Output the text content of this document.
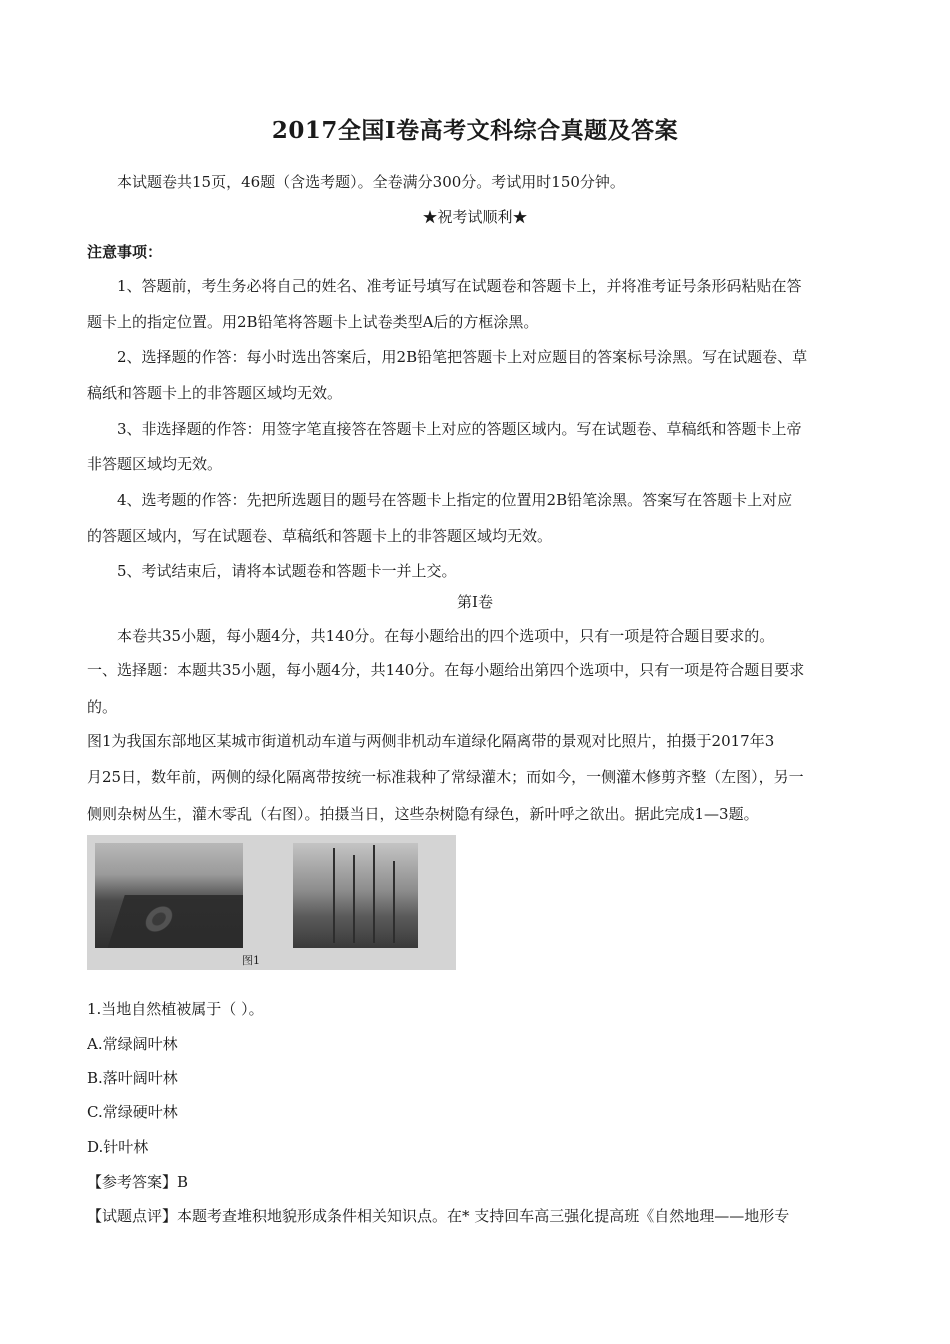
2017全国Ⅰ卷高考文科综合真题及答案
本试题卷共15页，46题（含选考题）。全卷满分300分。考试用时150分钟。
★祝考试顺利★
注意事项：
1、答题前，考生务必将自己的姓名、准考证号填写在试题卷和答题卡上，并将准考证号条形码粘贴在答
题卡上的指定位置。用2B铅笔将答题卡上试卷类型A后的方框涂黑。
2、选择题的作答：每小时选出答案后，用2B铅笔把答题卡上对应题目的答案标号涂黑。写在试题卷、草
稿纸和答题卡上的非答题区域均无效。
3、非选择题的作答：用签字笔直接答在答题卡上对应的答题区域内。写在试题卷、草稿纸和答题卡上帝
非答题区域均无效。
4、选考题的作答：先把所选题目的题号在答题卡上指定的位置用2B铅笔涂黑。答案写在答题卡上对应
的答题区域内，写在试题卷、草稿纸和答题卡上的非答题区域均无效。
5、考试结束后，请将本试题卷和答题卡一并上交。
第Ⅰ卷
本卷共35小题，每小题4分，共140分。在每小题给出的四个选项中，只有一项是符合题目要求的。
一、选择题：本题共35小题，每小题4分，共140分。在每小题给出第四个选项中，只有一项是符合题目要求
的。
图1为我国东部地区某城市街道机动车道与两侧非机动车道绿化隔离带的景观对比照片，拍摄于2017年3
月25日，数年前，两侧的绿化隔离带按统一标准栽种了常绿灌木；而如今，一侧灌木修剪齐整（左图），另一
侧则杂树丛生，灌木零乱（右图）。拍摄当日，这些杂树隐有绿色，新叶呼之欲出。据此完成1—3题。
图1
1.当地自然植被属于（ ）。
A.常绿阔叶林
B.落叶阔叶林
C.常绿硬叶林
D.针叶林
【参考答案】B
【试题点评】本题考查堆积地貌形成条件相关知识点。在* 支持回车高三强化提高班《自然地理——地形专
